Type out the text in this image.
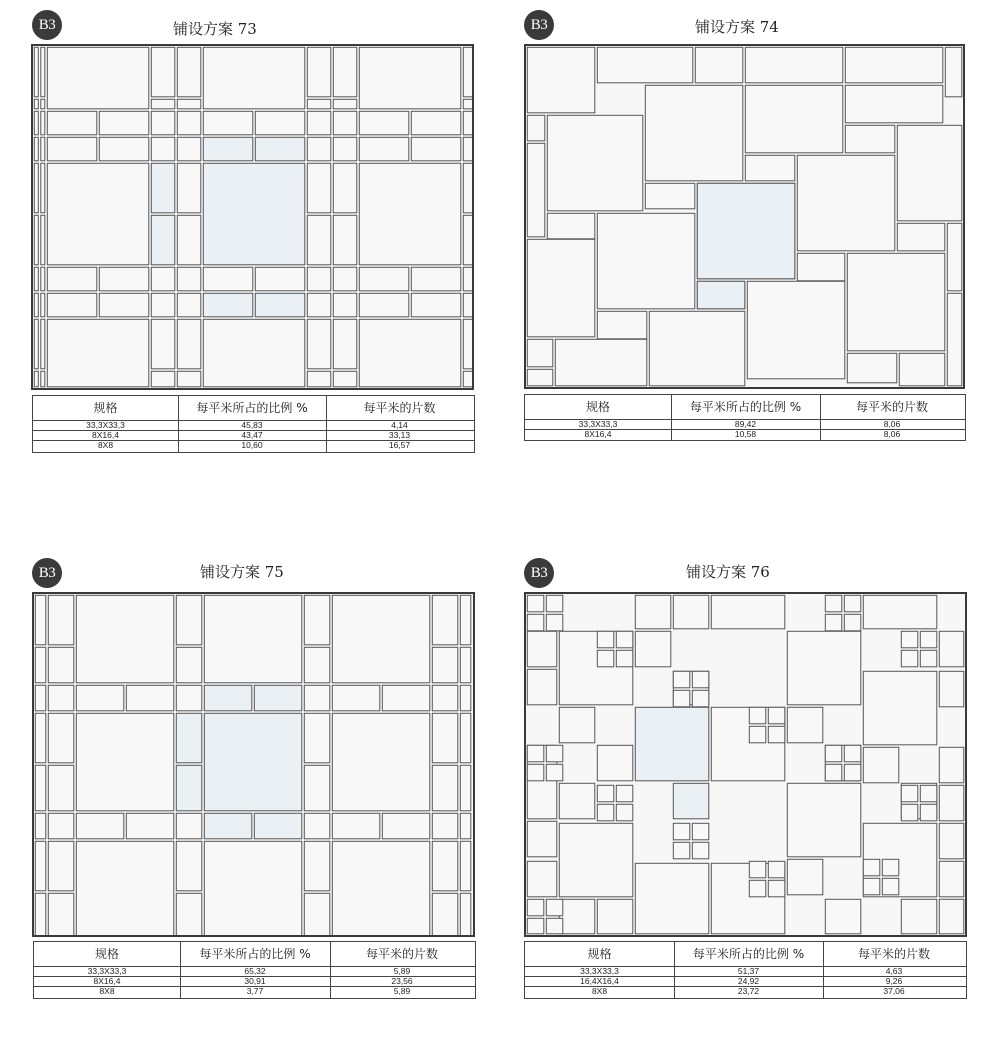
B3	铺设方案 73
规格	每平米所占的比例 %	每平米的片数
33,3X33,3	45,83	4,14
8X16,4	43,47	33,13
8X8	10,60	16,57
B3	铺设方案 74
规格	每平米所占的比例 %	每平米的片数
33,3X33,3	89,42	8,06
8X16,4	10,58	8,06
B3	铺设方案 75
规格	每平米所占的比例 %	每平米的片数
33,3X33,3	65,32	5,89
8X16,4	30,91	23,56
8X8	3,77	5,89
B3	铺设方案 76
规格	每平米所占的比例 %	每平米的片数
33,3X33,3	51,37	4,63
16,4X16,4	24,92	9,26
8X8	23,72	37,06
